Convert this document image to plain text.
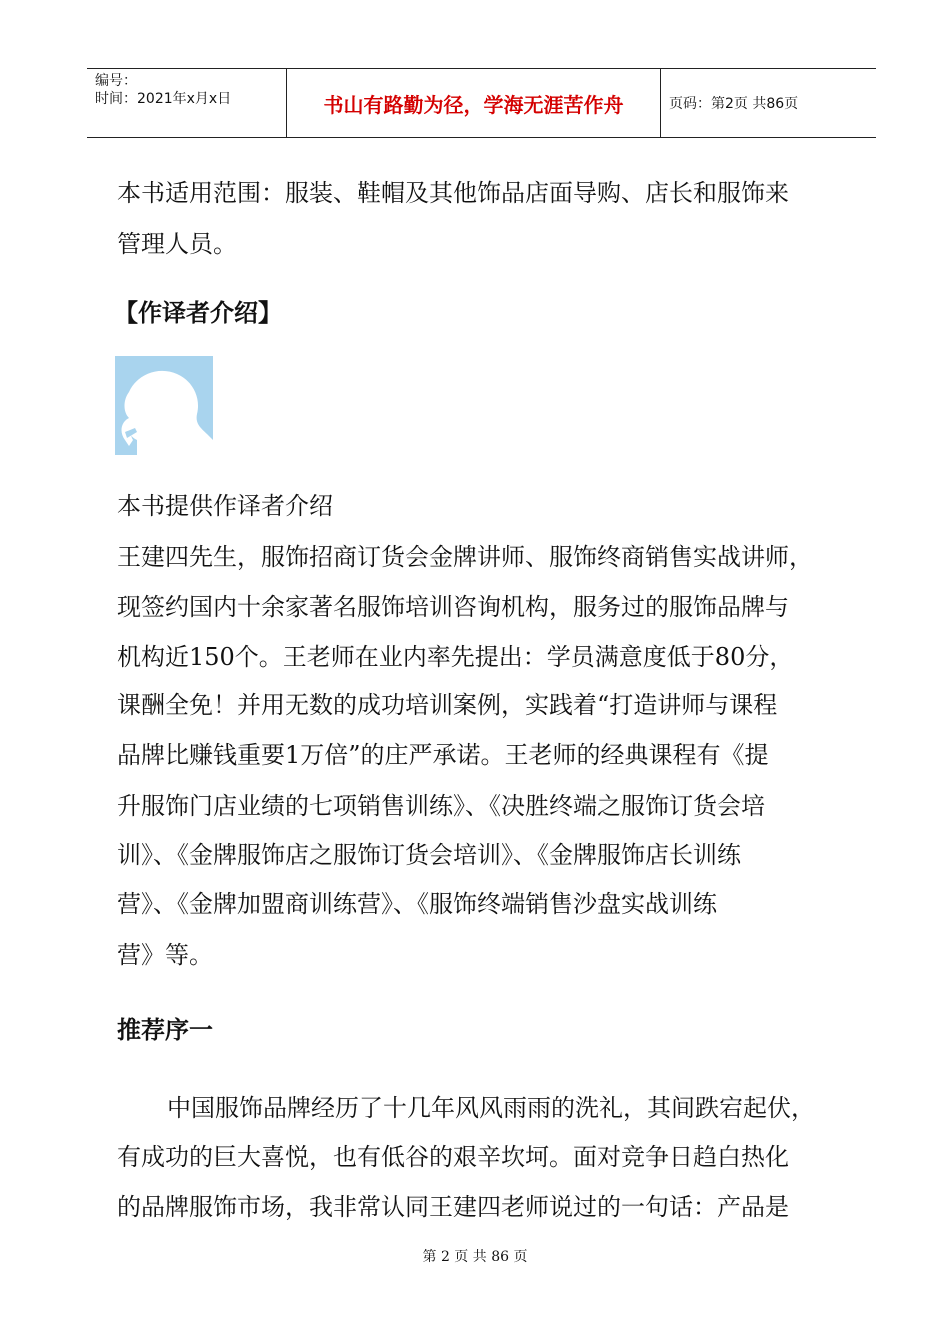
编号：
时间：2021年x月x日	书山有路勤为径，学海无涯苦作舟	页码：第2页 共86页
本书适用范围：服装、鞋帽及其他饰品店面导购、店长和服饰来
管理人员。
【作译者介绍】
本书提供作译者介绍
王建四先生，服饰招商订货会金牌讲师、服饰终商销售实战讲师，
现签约国内十余家著名服饰培训咨询机构，服务过的服饰品牌与
机构近150个。王老师在业内率先提出：学员满意度低于80分，
课酬全免！并用无数的成功培训案例，实践着“打造讲师与课程
品牌比赚钱重要1万倍”的庄严承诺。王老师的经典课程有《提
升服饰门店业绩的七项销售训练》、《决胜终端之服饰订货会培
训》、《金牌服饰店之服饰订货会培训》、《金牌服饰店长训练
营》、《金牌加盟商训练营》、《服饰终端销售沙盘实战训练
营》等。
推荐序一
中国服饰品牌经历了十几年风风雨雨的洗礼，其间跌宕起伏，
有成功的巨大喜悦，也有低谷的艰辛坎坷。面对竞争日趋白热化
的品牌服饰市场，我非常认同王建四老师说过的一句话：产品是
第 2 页 共 86 页
